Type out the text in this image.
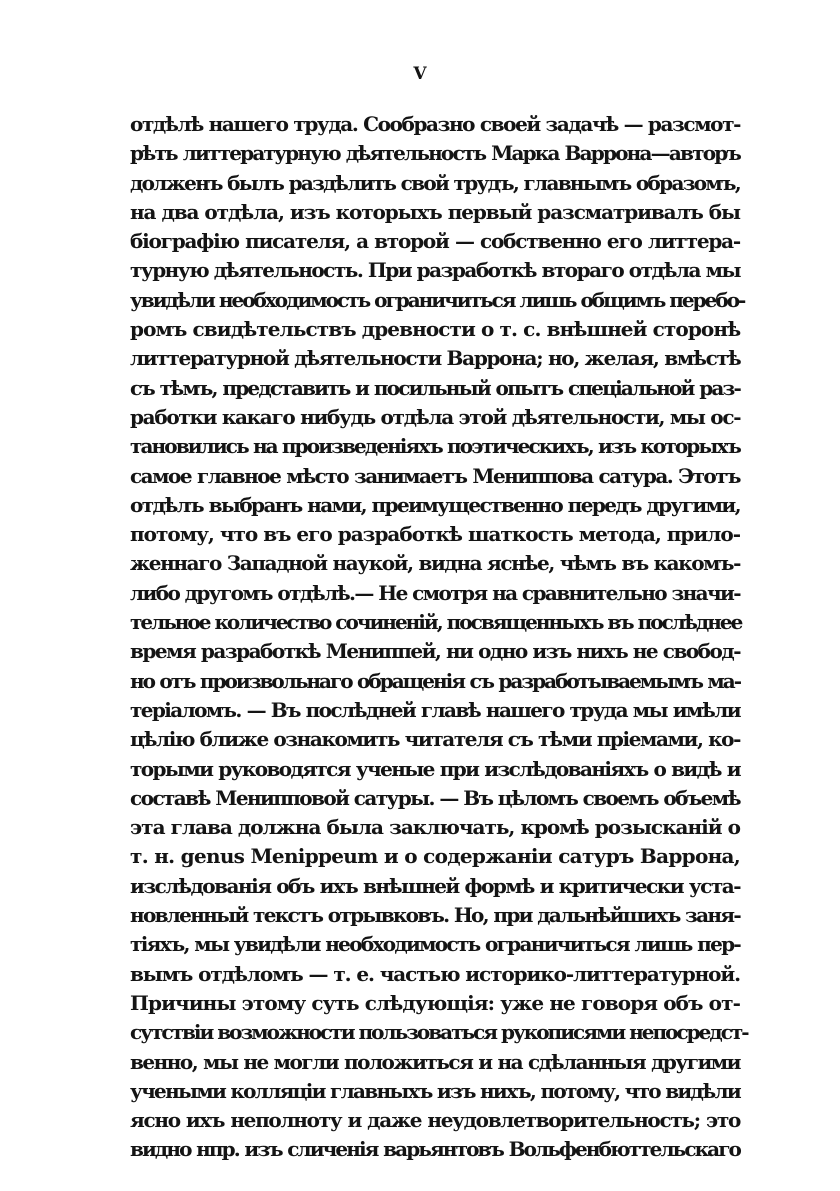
V

отдѣлѣ нашего труда. Сообразно своей задачѣ — разсмот-
рѣть литтературную дѣятельность Марка Варрона—авторъ
долженъ былъ раздѣлить свой трудъ, главнымъ образомъ,
на два отдѣла, изъ которыхъ первый разсматривалъ бы
біографію писателя, а второй — собственно его литтера-
турную дѣятельность. При разработкѣ втораго отдѣла мы
увидѣли необходимость ограничиться лишь общимъ перебо-
ромъ свидѣтельствъ древности о т. с. внѣшней сторонѣ
литтературной дѣятельности Варрона; но, желая, вмѣстѣ
съ тѣмъ, представить и посильный опытъ спеціальной раз-
работки какаго нибудь отдѣла этой дѣятельности, мы ос-
тановились на произведеніяхъ поэтическихъ, изъ которыхъ
самое главное мѣсто занимаетъ Мениппова сатура. Этотъ
отдѣлъ выбранъ нами, преимущественно передъ другими,
потому, что въ его разработкѣ шаткость метода, прило-
женнаго Западной наукой, видна яснѣе, чѣмъ въ какомъ-
либо другомъ отдѣлѣ.— Не смотря на сравнительно значи-
тельное количество сочиненій, посвященныхъ въ послѣднее
время разработкѣ Мениппей, ни одно изъ нихъ не свобод-
но отъ произвольнаго обращенія съ разработываемымъ ма-
теріаломъ. — Въ послѣдней главѣ нашего труда мы имѣли
цѣлію ближе ознакомить читателя съ тѣми пріемами, ко-
торыми руководятся ученые при изслѣдованіяхъ о видѣ и
составѣ Менипповой сатуры. — Въ цѣломъ своемъ объемѣ
эта глава должна была заключать, кромѣ розысканій о
т. н. genus Menippeum и о содержаніи сатуръ Варрона,
изслѣдованія объ ихъ внѣшней формѣ и критически уста-
новленный текстъ отрывковъ. Но, при дальнѣйшихъ заня-
тіяхъ, мы увидѣли необходимость ограничиться лишь пер-
вымъ отдѣломъ — т. е. частью историко-литтературной.
Причины этому суть слѣдующія: уже не говоря объ от-
сутствіи возможности пользоваться рукописями непосредст-
венно, мы не могли положиться и на сдѣланныя другими
учеными колляціи главныхъ изъ нихъ, потому, что видѣли
ясно ихъ неполноту и даже неудовлетворительность; это
видно нпр. изъ сличенія варьянтовъ Вольфенбюттельскаго
